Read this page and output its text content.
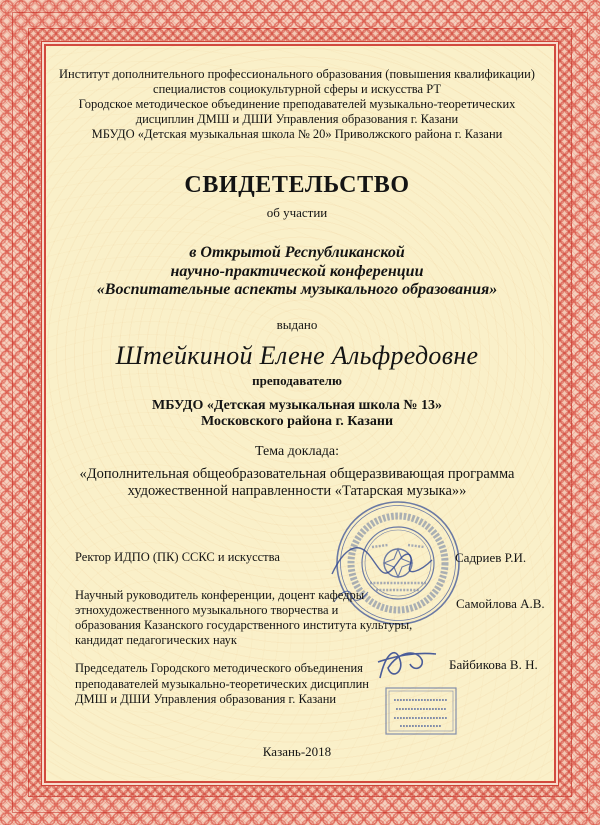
Институт дополнительного профессионального образования (повышения квалификации)
специалистов социокультурной сферы и искусства РТ
Городское методическое объединение преподавателей музыкально-теоретических
дисциплин ДМШ и ДШИ Управления образования г. Казани
МБУДО «Детская музыкальная школа № 20» Приволжского района г. Казани
СВИДЕТЕЛЬСТВО
об участии
в Открытой Республиканской
научно-практической конференции
«Воспитательные аспекты музыкального образования»
выдано
Штейкиной Елене Альфредовне
преподавателю
МБУДО «Детская музыкальная школа № 13»
Московского района г. Казани
Тема доклада:
«Дополнительная общеобразовательная общеразвивающая программа
художественной направленности «Татарская музыка»»
Ректор ИДПО (ПК) ССКС и искусства	Садриев Р.И.
Научный руководитель конференции, доцент кафедры
этнохудожественного музыкального творчества и
образования Казанского государственного института культуры,
кандидат педагогических наук
Самойлова А.В.
Председатель Городского методического объединения
преподавателей музыкально-теоретических дисциплин
ДМШ и ДШИ Управления образования г. Казани
Байбикова В. Н.
Казань-2018
